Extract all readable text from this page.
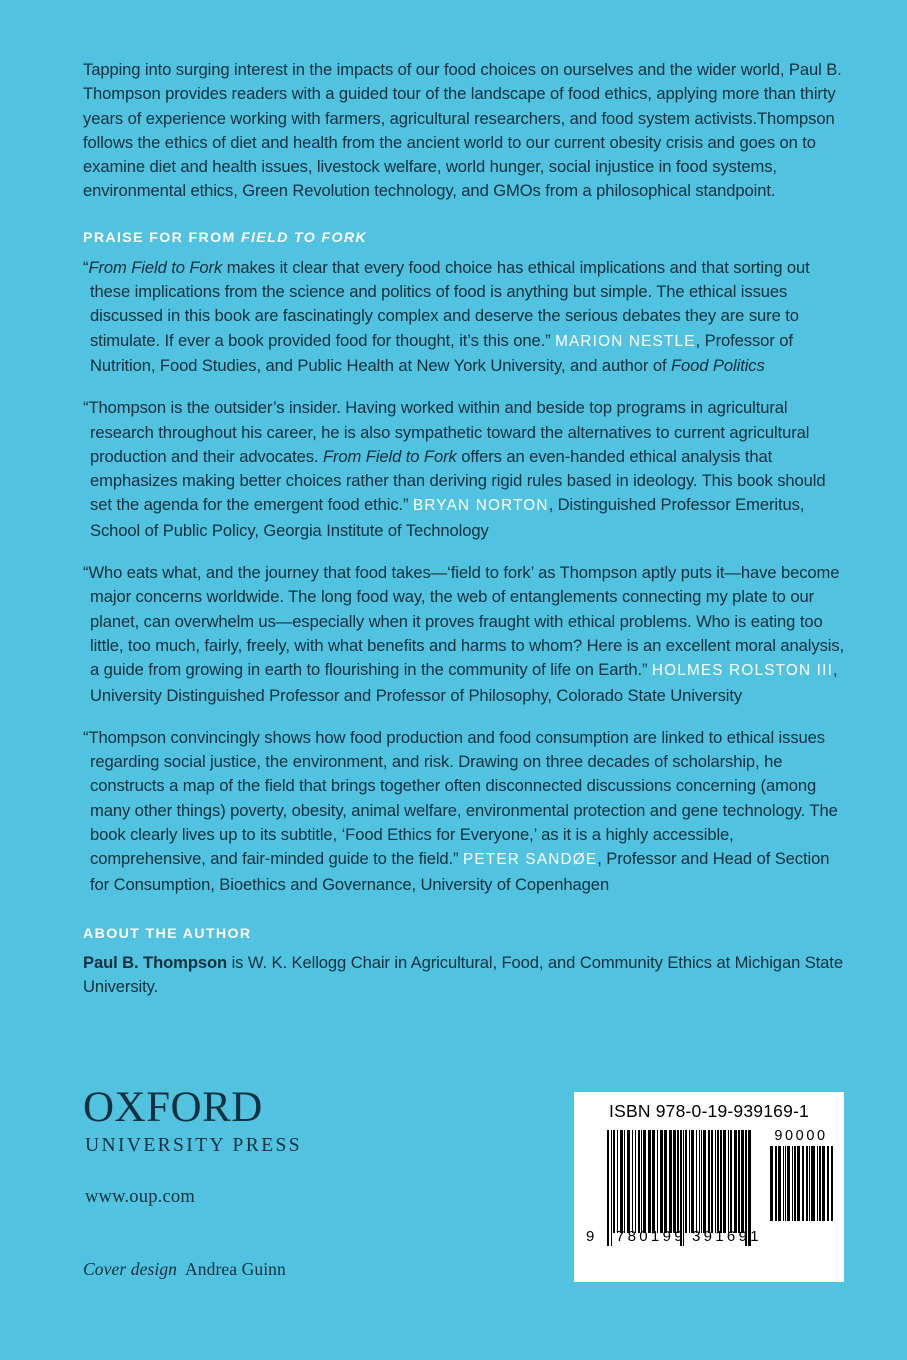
Tapping into surging interest in the impacts of our food choices on ourselves and the wider world, Paul B. Thompson provides readers with a guided tour of the landscape of food ethics, applying more than thirty years of experience working with farmers, agricultural researchers, and food system activists.Thompson follows the ethics of diet and health from the ancient world to our current obesity crisis and goes on to examine diet and health issues, livestock welfare, world hunger, social injustice in food systems, environmental ethics, Green Revolution technology, and GMOs from a philosophical standpoint.

PRAISE FOR FROM FIELD TO FORK

“From Field to Fork makes it clear that every food choice has ethical implications and that sorting out these implications from the science and politics of food is anything but simple. The ethical issues discussed in this book are fascinatingly complex and deserve the serious debates they are sure to stimulate. If ever a book provided food for thought, it’s this one.” MARION NESTLE, Professor of Nutrition, Food Studies, and Public Health at New York University, and author of Food Politics

“Thompson is the outsider’s insider. Having worked within and beside top programs in agricultural research throughout his career, he is also sympathetic toward the alternatives to current agricultural production and their advocates. From Field to Fork offers an even-handed ethical analysis that emphasizes making better choices rather than deriving rigid rules based in ideology. This book should set the agenda for the emergent food ethic.” BRYAN NORTON, Distinguished Professor Emeritus, School of Public Policy, Georgia Institute of Technology

“Who eats what, and the journey that food takes—‘field to fork’ as Thompson aptly puts it—have become major concerns worldwide. The long food way, the web of entanglements connecting my plate to our planet, can overwhelm us—especially when it proves fraught with ethical problems. Who is eating too little, too much, fairly, freely, with what benefits and harms to whom? Here is an excellent moral analysis, a guide from growing in earth to flourishing in the community of life on Earth.” HOLMES ROLSTON III, University Distinguished Professor and Professor of Philosophy, Colorado State University

“Thompson convincingly shows how food production and food consumption are linked to ethical issues regarding social justice, the environment, and risk. Drawing on three decades of scholarship, he constructs a map of the field that brings together often disconnected discussions concerning (among many other things) poverty, obesity, animal welfare, environmental protection and gene technology. The book clearly lives up to its subtitle, ‘Food Ethics for Everyone,’ as it is a highly accessible, comprehensive, and fair-minded guide to the field.” PETER SANDØE, Professor and Head of Section for Consumption, Bioethics and Governance, University of Copenhagen

ABOUT THE AUTHOR

Paul B. Thompson is W. K. Kellogg Chair in Agricultural, Food, and Community Ethics at Michigan State University.

OXFORD
UNIVERSITY PRESS
www.oup.com
Cover design Andrea Guinn
ISBN 978-0-19-939169-1
90000
9 780199 391691
